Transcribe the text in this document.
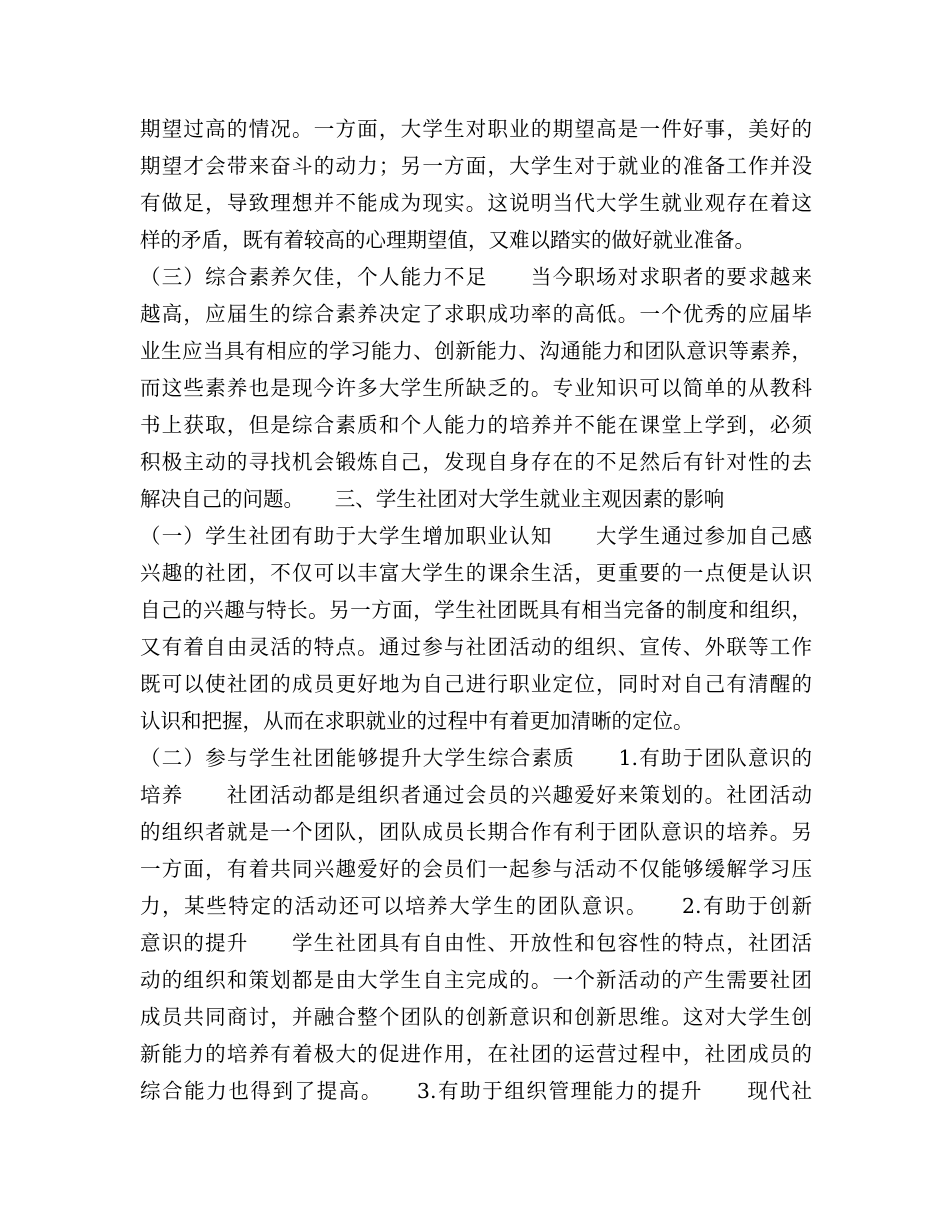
期望过高的情况。一方面，大学生对职业的期望高是一件好事，美好的
期望才会带来奋斗的动力；另一方面，大学生对于就业的准备工作并没
有做足，导致理想并不能成为现实。这说明当代大学生就业观存在着这
样的矛盾，既有着较高的心理期望值，又难以踏实的做好就业准备。
（三）综合素养欠佳，个人能力不足　　当今职场对求职者的要求越来
越高，应届生的综合素养决定了求职成功率的高低。一个优秀的应届毕
业生应当具有相应的学习能力、创新能力、沟通能力和团队意识等素养，
而这些素养也是现今许多大学生所缺乏的。专业知识可以简单的从教科
书上获取，但是综合素质和个人能力的培养并不能在课堂上学到，必须
积极主动的寻找机会锻炼自己，发现自身存在的不足然后有针对性的去
解决自己的问题。　　三、学生社团对大学生就业主观因素的影响
（一）学生社团有助于大学生增加职业认知　　大学生通过参加自己感
兴趣的社团，不仅可以丰富大学生的课余生活，更重要的一点便是认识
自己的兴趣与特长。另一方面，学生社团既具有相当完备的制度和组织，
又有着自由灵活的特点。通过参与社团活动的组织、宣传、外联等工作
既可以使社团的成员更好地为自己进行职业定位，同时对自己有清醒的
认识和把握，从而在求职就业的过程中有着更加清晰的定位。
（二）参与学生社团能够提升大学生综合素质　　1.有助于团队意识的
培养　　社团活动都是组织者通过会员的兴趣爱好来策划的。社团活动
的组织者就是一个团队，团队成员长期合作有利于团队意识的培养。另
一方面，有着共同兴趣爱好的会员们一起参与活动不仅能够缓解学习压
力，某些特定的活动还可以培养大学生的团队意识。　　2.有助于创新
意识的提升　　学生社团具有自由性、开放性和包容性的特点，社团活
动的组织和策划都是由大学生自主完成的。一个新活动的产生需要社团
成员共同商讨，并融合整个团队的创新意识和创新思维。这对大学生创
新能力的培养有着极大的促进作用，在社团的运营过程中，社团成员的
综合能力也得到了提高。　　3.有助于组织管理能力的提升　　现代社
